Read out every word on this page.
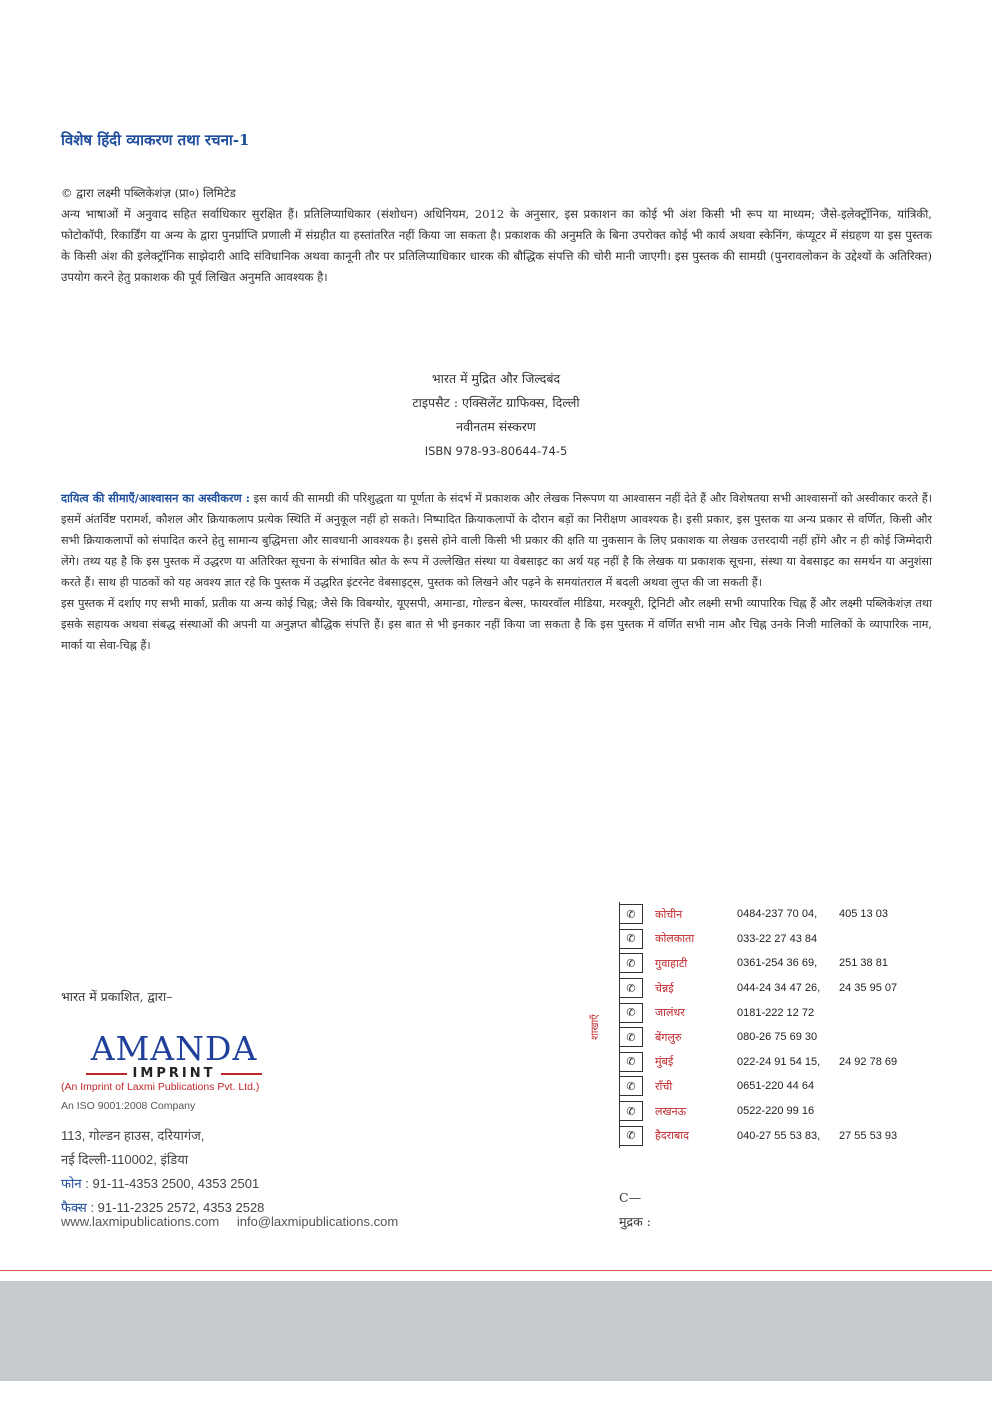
विशेष हिंदी व्याकरण तथा रचना-1

© द्वारा लक्ष्मी पब्लिकेशंज़ (प्रा०) लिमिटेड

अन्य भाषाओं में अनुवाद सहित सर्वाधिकार सुरक्षित हैं। प्रतिलिप्याधिकार (संशोधन) अधिनियम, 2012 के अनुसार, इस प्रकाशन का कोई भी अंश किसी भी रूप या माध्यम; जैसे-इलेक्ट्रॉनिक, यांत्रिकी, फोटोकॉपी, रिकार्डिंग या अन्य के द्वारा पुनर्प्राप्ति प्रणाली में संग्रहीत या हस्तांतरित नहीं किया जा सकता है। प्रकाशक की अनुमति के बिना उपरोक्त कोई भी कार्य अथवा स्केनिंग, कंप्यूटर में संग्रहण या इस पुस्तक के किसी अंश की इलेक्ट्रॉनिक साझेदारी आदि संविधानिक अथवा कानूनी तौर पर प्रतिलिप्याधिकार धारक की बौद्धिक संपत्ति की चोरी मानी जाएगी। इस पुस्तक की सामग्री (पुनरावलोकन के उद्देश्यों के अतिरिक्त) उपयोग करने हेतु प्रकाशक की पूर्व लिखित अनुमति आवश्यक है।

भारत में मुद्रित और जिल्दबंद
टाइपसैट : एक्सिलेंट ग्राफिक्स, दिल्ली
नवीनतम संस्करण
ISBN 978-93-80644-74-5

दायित्व की सीमाएँ/आश्वासन का अस्वीकरण : इस कार्य की सामग्री की परिशुद्धता या पूर्णता के संदर्भ में प्रकाशक और लेखक निरूपण या आश्वासन नहीं देते हैं और विशेषतया सभी आश्वासनों को अस्वीकार करते हैं। इसमें अंतर्विष्ट परामर्श, कौशल और क्रियाकलाप प्रत्येक स्थिति में अनुकूल नहीं हो सकते। निष्पादित क्रियाकलापों के दौरान बड़ों का निरीक्षण आवश्यक है। इसी प्रकार, इस पुस्तक या अन्य प्रकार से वर्णित, किसी और सभी क्रियाकलापों को संपादित करने हेतु सामान्य बुद्धिमत्ता और सावधानी आवश्यक है। इससे होने वाली किसी भी प्रकार की क्षति या नुकसान के लिए प्रकाशक या लेखक उत्तरदायी नहीं होंगे और न ही कोई जिम्मेदारी लेंगे। तथ्य यह है कि इस पुस्तक में उद्धरण या अतिरिक्त सूचना के संभावित स्रोत के रूप में उल्लेखित संस्था या वेबसाइट का अर्थ यह नहीं है कि लेखक या प्रकाशक सूचना, संस्था या वेबसाइट का समर्थन या अनुशंसा करते हैं। साथ ही पाठकों को यह अवश्य ज्ञात रहे कि पुस्तक में उद्धरित इंटरनेट वेबसाइट्स, पुस्तक को लिखने और पढ़ने के समयांतराल में बदली अथवा लुप्त की जा सकती हैं।

इस पुस्तक में दर्शाए गए सभी मार्का, प्रतीक या अन्य कोई चिह्न; जैसे कि विबग्योर, यूएसपी, अमान्डा, गोल्डन बेल्स, फायरवॉल मीडिया, मरक्यूरी, ट्रिनिटी और लक्ष्मी सभी व्यापारिक चिह्न हैं और लक्ष्मी पब्लिकेशंज़ तथा इसके सहायक अथवा संबद्ध संस्थाओं की अपनी या अनुज्ञप्त बौद्धिक संपत्ति हैं। इस बात से भी इनकार नहीं किया जा सकता है कि इस पुस्तक में वर्णित सभी नाम और चिह्न उनके निजी मालिकों के व्यापारिक नाम, मार्का या सेवा-चिह्न हैं।

भारत में प्रकाशित, द्वारा–
AMANDA
IMPRINT
(An Imprint of Laxmi Publications Pvt. Ltd.)
An ISO 9001:2008 Company
113, गोल्डन हाउस, दरियागंज,
नई दिल्ली-110002, इंडिया
फोन : 91-11-4353 2500, 4353 2501
फैक्स : 91-11-2325 2572, 4353 2528
www.laxmipublications.com info@laxmipublications.com
शाखाएँ
✆	कोचीन	0484-237 70 04,	405 13 03
✆	कोलकाता	033-22 27 43 84
✆	गुवाहाटी	0361-254 36 69,	251 38 81
✆	चेन्नई	044-24 34 47 26,	24 35 95 07
✆	जालंधर	0181-222 12 72
✆	बेंगलुरु	080-26 75 69 30
✆	मुंबई	022-24 91 54 15,	24 92 78 69
✆	राँची	0651-220 44 64
✆	लखनऊ	0522-220 99 16
✆	हैदराबाद	040-27 55 53 83,	27 55 53 93
C—
मुद्रक :
